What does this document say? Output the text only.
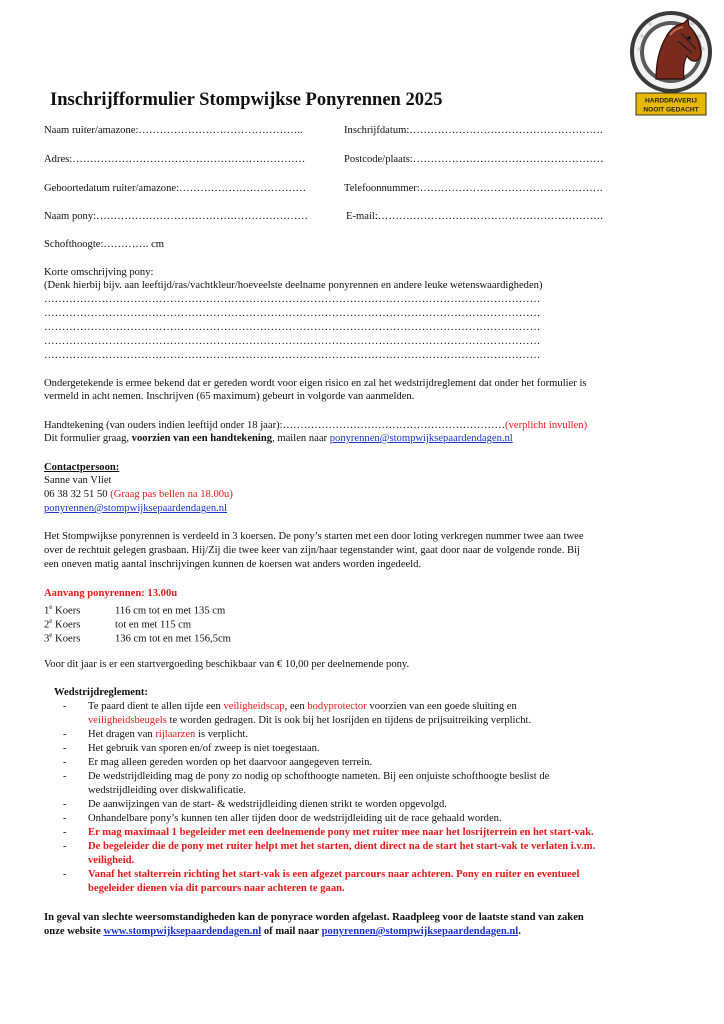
HARDDRAVERIJ
NOOIT GEDACHT
Inschrijfformulier Stompwijkse Ponyrennen 2025
Naam ruiter/amazone:………………………………………..	Inschrijfdatum:……………………………………………….
Adres:…………………………………………………………	Postcode/plaats:………………………………………………
Geboortedatum ruiter/amazone:………………………………	Telefoonnummer:…………………………………………….
Naam pony:……………………………………………………	E-mail:……………………………………………………….
Schofthoogte:…………. cm
Korte omschrijving pony:
(Denk hierbij bijv. aan leeftijd/ras/vachtkleur/hoeveelste deelname ponyrennen en andere leuke wetenswaardigheden)
…………………………………………………………………………………………………………………………
…………………………………………………………………………………………………………………………
…………………………………………………………………………………………………………………………
…………………………………………………………………………………………………………………………
…………………………………………………………………………………………………………………………
Ondergetekende is ermee bekend dat er gereden wordt voor eigen risico en zal het wedstrijdreglement dat onder het formulier is
vermeld in acht nemen. Inschrijven (65 maximum) gebeurt in volgorde van aanmelden.
Handtekening (van ouders indien leeftijd onder 18 jaar):………………………………………………………(verplicht invullen)
Dit formulier graag, voorzien van een handtekening, mailen naar ponyrennen@stompwijksepaardendagen.nl
Contactpersoon:
Sanne van Vliet
06 38 32 51 50 (Graag pas bellen na 18.00u)
ponyrennen@stompwijksepaardendagen.nl
Het Stompwijkse ponyrennen is verdeeld in 3 koersen. De pony’s starten met een door loting verkregen nummer twee aan twee
over de rechtuit gelegen grasbaan. Hij/Zij die twee keer van zijn/haar tegenstander wint, gaat door naar de volgende ronde. Bij
een oneven matig aantal inschrijvingen kunnen de koersen wat anders worden ingedeeld.
Aanvang ponyrennen: 13.00u
1e Koers	116 cm tot en met 135 cm
2e Koers	tot en met 115 cm
3e Koers	136 cm tot en met 156,5cm
Voor dit jaar is er een startvergoeding beschikbaar van € 10,00 per deelnemende pony.
Wedstrijdreglement:
- Te paard dient te allen tijde een veiligheidscap, een bodyprotector voorzien van een goede sluiting en
veiligheidsbeugels te worden gedragen. Dit is ook bij het losrijden en tijdens de prijsuitreiking verplicht.
- Het dragen van rijlaarzen is verplicht.
- Het gebruik van sporen en/of zweep is niet toegestaan.
- Er mag alleen gereden worden op het daarvoor aangegeven terrein.
- De wedstrijdleiding mag de pony zo nodig op schofthoogte nameten. Bij een onjuiste schofthoogte beslist de
wedstrijdleiding over diskwalificatie.
- De aanwijzingen van de start- & wedstrijdleiding dienen strikt te worden opgevolgd.
- Onhandelbare pony’s kunnen ten aller tijden door de wedstrijdleiding uit de race gehaald worden.
- Er mag maximaal 1 begeleider met een deelnemende pony met ruiter mee naar het losrijterrein en het start-vak.
- De begeleider die de pony met ruiter helpt met het starten, dient direct na de start het start-vak te verlaten i.v.m.
veiligheid.
- Vanaf het stalterrein richting het start-vak is een afgezet parcours naar achteren. Pony en ruiter en eventueel
begeleider dienen via dit parcours naar achteren te gaan.
In geval van slechte weersomstandigheden kan de ponyrace worden afgelast. Raadpleeg voor de laatste stand van zaken
onze website www.stompwijksepaardendagen.nl of mail naar ponyrennen@stompwijksepaardendagen.nl.
